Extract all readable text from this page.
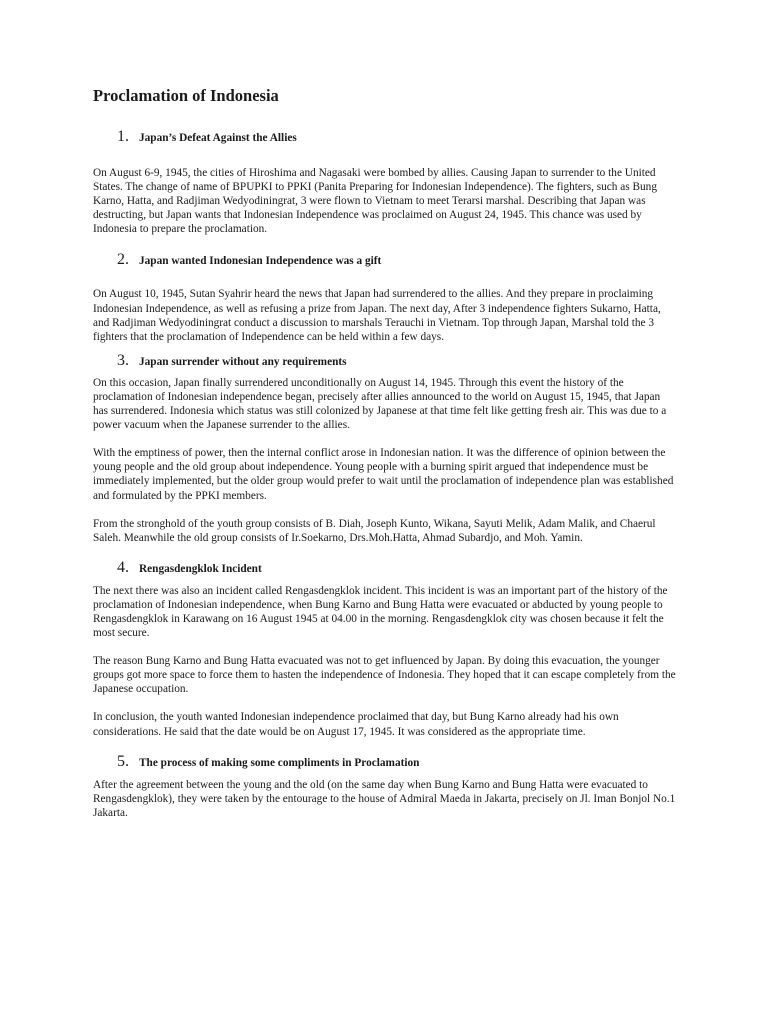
Proclamation of Indonesia
1. Japan’s Defeat Against the Allies

On August 6-9, 1945, the cities of Hiroshima and Nagasaki were bombed by allies. Causing Japan to surrender to the United States. The change of name of BPUPKI to PPKI (Panita Preparing for Indonesian Independence). The fighters, such as Bung Karno, Hatta, and Radjiman Wedyodiningrat, 3 were flown to Vietnam to meet Terarsi marshal. Describing that Japan was destructing, but Japan wants that Indonesian Independence was proclaimed on August 24, 1945. This chance was used by Indonesia to prepare the proclamation.

2. Japan wanted Indonesian Independence was a gift

On August 10, 1945, Sutan Syahrir heard the news that Japan had surrendered to the allies. And they prepare in proclaiming Indonesian Independence, as well as refusing a prize from Japan. The next day, After 3 independence fighters Sukarno, Hatta, and Radjiman Wedyodiningrat conduct a discussion to marshals Terauchi in Vietnam. Top through Japan, Marshal told the 3 fighters that the proclamation of Independence can be held within a few days.

3. Japan surrender without any requirements

On this occasion, Japan finally surrendered unconditionally on August 14, 1945. Through this event the history of the proclamation of Indonesian independence began, precisely after allies announced to the world on August 15, 1945, that Japan has surrendered. Indonesia which status was still colonized by Japanese at that time felt like getting fresh air. This was due to a power vacuum when the Japanese surrender to the allies.

With the emptiness of power, then the internal conflict arose in Indonesian nation. It was the difference of opinion between the young people and the old group about independence. Young people with a burning spirit argued that independence must be immediately implemented, but the older group would prefer to wait until the proclamation of independence plan was established and formulated by the PPKI members.

From the stronghold of the youth group consists of B. Diah, Joseph Kunto, Wikana, Sayuti Melik, Adam Malik, and Chaerul Saleh. Meanwhile the old group consists of Ir.Soekarno, Drs.Moh.Hatta, Ahmad Subardjo, and Moh. Yamin.

4. Rengasdengklok Incident

The next there was also an incident called Rengasdengklok incident. This incident is was an important part of the history of the proclamation of Indonesian independence, when Bung Karno and Bung Hatta were evacuated or abducted by young people to Rengasdengklok in Karawang on 16 August 1945 at 04.00 in the morning. Rengasdengklok city was chosen because it felt the most secure.

The reason Bung Karno and Bung Hatta evacuated was not to get influenced by Japan. By doing this evacuation, the younger groups got more space to force them to hasten the independence of Indonesia. They hoped that it can escape completely from the Japanese occupation.

In conclusion, the youth wanted Indonesian independence proclaimed that day, but Bung Karno already had his own considerations. He said that the date would be on August 17, 1945. It was considered as the appropriate time.

5. The process of making some compliments in Proclamation

After the agreement between the young and the old (on the same day when Bung Karno and Bung Hatta were evacuated to Rengasdengklok), they were taken by the entourage to the house of Admiral Maeda in Jakarta, precisely on Jl. Iman Bonjol No.1 Jakarta.
